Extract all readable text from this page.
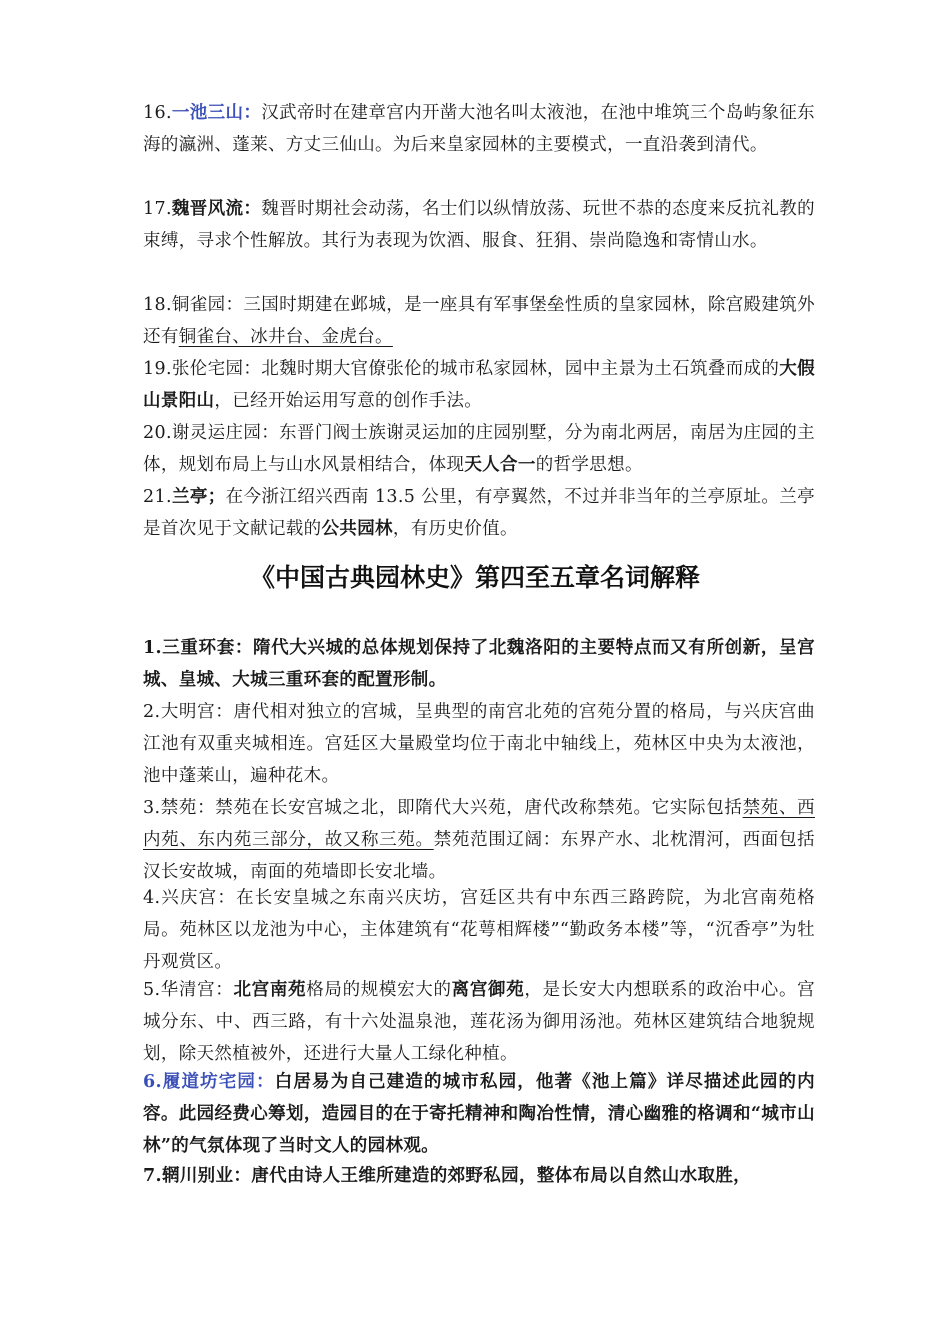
16.一池三山：汉武帝时在建章宫内开凿大池名叫太液池，在池中堆筑三个岛屿象征东海的瀛洲、蓬莱、方丈三仙山。为后来皇家园林的主要模式，一直沿袭到清代。
17.魏晋风流：魏晋时期社会动荡，名士们以纵情放荡、玩世不恭的态度来反抗礼教的束缚，寻求个性解放。其行为表现为饮酒、服食、狂狷、崇尚隐逸和寄情山水。
18.铜雀园：三国时期建在邺城，是一座具有军事堡垒性质的皇家园林，除宫殿建筑外还有铜雀台、冰井台、金虎台。
19.张伦宅园：北魏时期大官僚张伦的城市私家园林，园中主景为土石筑叠而成的大假山景阳山，已经开始运用写意的创作手法。
20.谢灵运庄园：东晋门阀士族谢灵运加的庄园别墅，分为南北两居，南居为庄园的主体，规划布局上与山水风景相结合，体现天人合一的哲学思想。
21.兰亭；在今浙江绍兴西南 13.5 公里，有亭翼然，不过并非当年的兰亭原址。兰亭是首次见于文献记载的公共园林，有历史价值。
《中国古典园林史》第四至五章名词解释
1.三重环套：隋代大兴城的总体规划保持了北魏洛阳的主要特点而又有所创新，呈宫城、皇城、大城三重环套的配置形制。
2.大明宫：唐代相对独立的宫城，呈典型的南宫北苑的宫苑分置的格局，与兴庆宫曲江池有双重夹城相连。宫廷区大量殿堂均位于南北中轴线上，苑林区中央为太液池，池中蓬莱山，遍种花木。
3.禁苑：禁苑在长安宫城之北，即隋代大兴苑，唐代改称禁苑。它实际包括禁苑、西内苑、东内苑三部分，故又称三苑。禁苑范围辽阔：东界产水、北枕渭河，西面包括汉长安故城，南面的苑墙即长安北墙。
4.兴庆宫：在长安皇城之东南兴庆坊，宫廷区共有中东西三路跨院，为北宫南苑格局。苑林区以龙池为中心，主体建筑有“花萼相辉楼”“勤政务本楼”等，“沉香亭”为牡丹观赏区。
5.华清宫：北宫南苑格局的规模宏大的离宫御苑，是长安大内想联系的政治中心。宫城分东、中、西三路，有十六处温泉池，莲花汤为御用汤池。苑林区建筑结合地貌规划，除天然植被外，还进行大量人工绿化种植。
6.履道坊宅园：白居易为自己建造的城市私园，他著《池上篇》详尽描述此园的内容。此园经费心筹划，造园目的在于寄托精神和陶冶性情，清心幽雅的格调和“城市山林”的气氛体现了当时文人的园林观。
7.辋川别业：唐代由诗人王维所建造的郊野私园，整体布局以自然山水取胜，
